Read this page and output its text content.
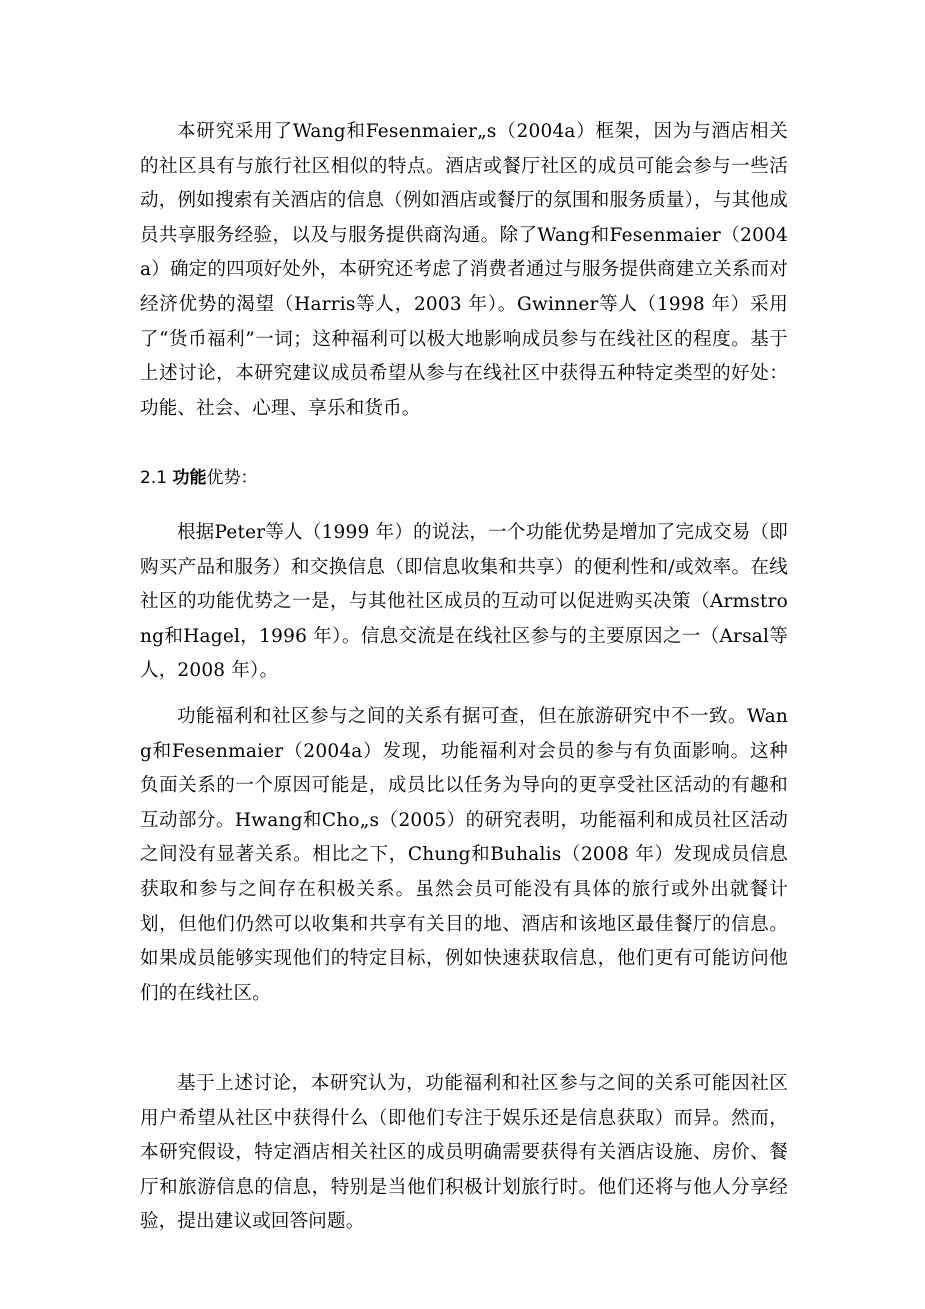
本研究采用了Wang和Fesenmaier„s（2004a）框架，因为与酒店相关的社区具有与旅行社区相似的特点。酒店或餐厅社区的成员可能会参与一些活动，例如搜索有关酒店的信息（例如酒店或餐厅的氛围和服务质量），与其他成员共享服务经验，以及与服务提供商沟通。除了Wang和Fesenmaier（2004a）确定的四项好处外，本研究还考虑了消费者通过与服务提供商建立关系而对经济优势的渴望（Harris等人，2003 年）。Gwinner等人（1998 年）采用了“货币福利”一词；这种福利可以极大地影响成员参与在线社区的程度。基于上述讨论，本研究建议成员希望从参与在线社区中获得五种特定类型的好处：功能、社会、心理、享乐和货币。

2.1 功能优势：

根据Peter等人（1999 年）的说法，一个功能优势是增加了完成交易（即购买产品和服务）和交换信息（即信息收集和共享）的便利性和/或效率。在线社区的功能优势之一是，与其他社区成员的互动可以促进购买决策（Armstrong和Hagel，1996 年）。信息交流是在线社区参与的主要原因之一（Arsal等人，2008 年）。

功能福利和社区参与之间的关系有据可查，但在旅游研究中不一致。Wang和Fesenmaier（2004a）发现，功能福利对会员的参与有负面影响。这种负面关系的一个原因可能是，成员比以任务为导向的更享受社区活动的有趣和互动部分。Hwang和Cho„s（2005）的研究表明，功能福利和成员社区活动之间没有显著关系。相比之下，Chung和Buhalis（2008 年）发现成员信息获取和参与之间存在积极关系。虽然会员可能没有具体的旅行或外出就餐计划，但他们仍然可以收集和共享有关目的地、酒店和该地区最佳餐厅的信息。如果成员能够实现他们的特定目标，例如快速获取信息，他们更有可能访问他们的在线社区。

基于上述讨论，本研究认为，功能福利和社区参与之间的关系可能因社区用户希望从社区中获得什么（即他们专注于娱乐还是信息获取）而异。然而，本研究假设，特定酒店相关社区的成员明确需要获得有关酒店设施、房价、餐厅和旅游信息的信息，特别是当他们积极计划旅行时。他们还将与他人分享经验，提出建议或回答问题。
